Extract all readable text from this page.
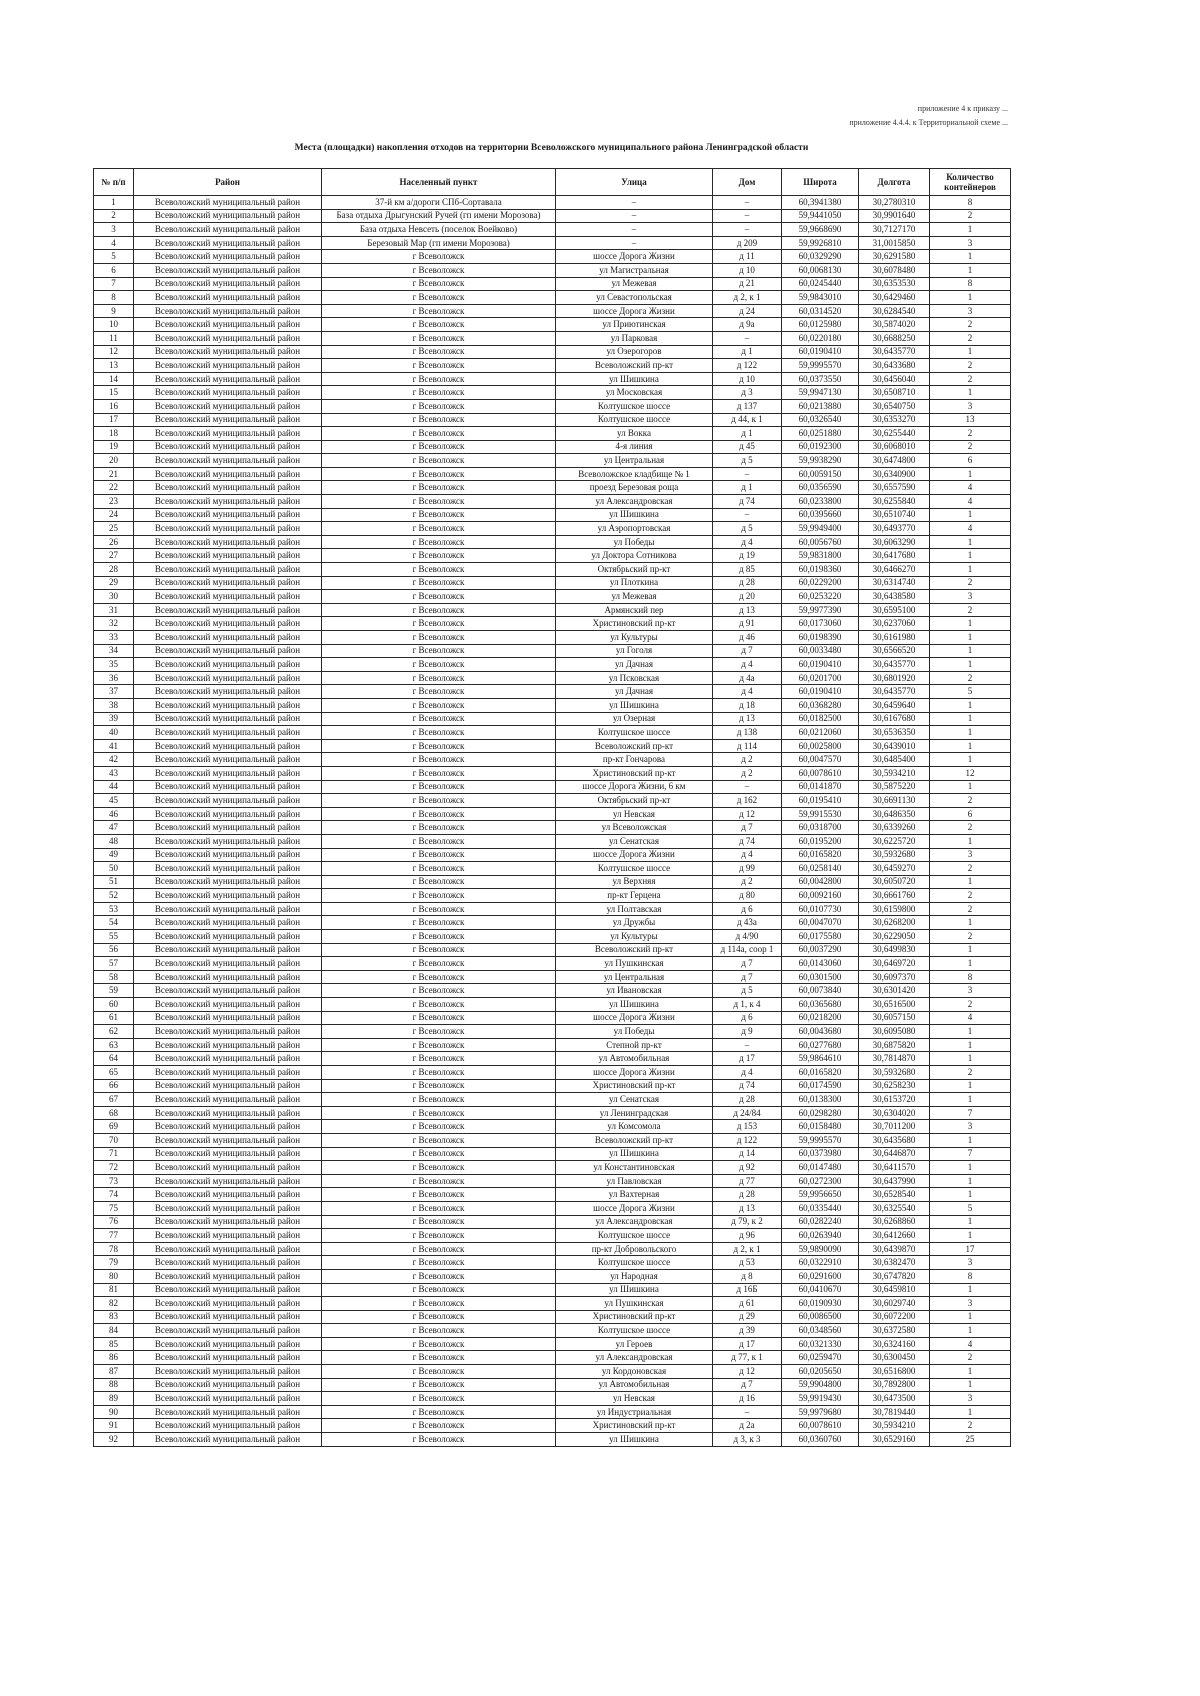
приложение 4 к приказу ...
приложение 4.4.4. к Территориальной схеме ...
Места (площадки) накопления отходов на территории Всеволожского муниципального района Ленинградской области
№ п/п	Район	Населенный пункт	Улица	Дом	Широта	Долгота	Количество контейнеров
1	Всеволожский муниципальный район	37-й км а/дороги СПб-Сортавала	–	–	60,3941380	30,2780310	8
2	Всеволожский муниципальный район	База отдыха Дрыгунский Ручей (гп имени Морозова)	–	–	59,9441050	30,9901640	2
3	Всеволожский муниципальный район	База отдыха Невсеть (поселок Воейково)	–	–	59,9668690	30,7127170	1
4	Всеволожский муниципальный район	Березовый Мар (гп имени Морозова)	–	д 209	59,9926810	31,0015850	3
5	Всеволожский муниципальный район	г Всеволожск	шоссе Дорога Жизни	д 11	60,0329290	30,6291580	1
6	Всеволожский муниципальный район	г Всеволожск	ул Магистральная	д 10	60,0068130	30,6078480	1
7	Всеволожский муниципальный район	г Всеволожск	ул Межевая	д 21	60,0245440	30,6353530	8
8	Всеволожский муниципальный район	г Всеволожск	ул Севастопольская	д 2, к 1	59,9843010	30,6429460	1
9	Всеволожский муниципальный район	г Всеволожск	шоссе Дорога Жизни	д 24	60,0314520	30,6284540	3
10	Всеволожский муниципальный район	г Всеволожск	ул Приютинская	д 9а	60,0125980	30,5874020	2
11	Всеволожский муниципальный район	г Всеволожск	ул Парковая	–	60,0220180	30,6688250	2
12	Всеволожский муниципальный район	г Всеволожск	ул Озерогоров	д 1	60,0190410	30,6435770	1
13	Всеволожский муниципальный район	г Всеволожск	Всеволожский пр-кт	д 122	59,9995570	30,6433680	2
14	Всеволожский муниципальный район	г Всеволожск	ул Шишкина	д 10	60,0373550	30,6456040	2
15	Всеволожский муниципальный район	г Всеволожск	ул Московская	д 3	59,9947130	30,6508710	1
16	Всеволожский муниципальный район	г Всеволожск	Колтушское шоссе	д 137	60,0213880	30,6540750	3
17	Всеволожский муниципальный район	г Всеволожск	Колтушское шоссе	д 44, к 1	60,0326540	30,6353270	13
18	Всеволожский муниципальный район	г Всеволожск	ул Вокка	д 1	60,0251880	30,6255440	2
19	Всеволожский муниципальный район	г Всеволожск	4-я линия	д 45	60,0192300	30,6068010	2
20	Всеволожский муниципальный район	г Всеволожск	ул Центральная	д 5	59,9938290	30,6474800	6
21	Всеволожский муниципальный район	г Всеволожск	Всеволожское кладбище № 1	–	60,0059150	30,6340900	1
22	Всеволожский муниципальный район	г Всеволожск	проезд Березовая роща	д 1	60,0356590	30,6557590	4
23	Всеволожский муниципальный район	г Всеволожск	ул Александровская	д 74	60,0233800	30,6255840	4
24	Всеволожский муниципальный район	г Всеволожск	ул Шишкина	–	60,0395660	30,6510740	1
25	Всеволожский муниципальный район	г Всеволожск	ул Аэропортовская	д 5	59,9949400	30,6493770	4
26	Всеволожский муниципальный район	г Всеволожск	ул Победы	д 4	60,0056760	30,6063290	1
27	Всеволожский муниципальный район	г Всеволожск	ул Доктора Сотникова	д 19	59,9831800	30,6417680	1
28	Всеволожский муниципальный район	г Всеволожск	Октябрьский пр-кт	д 85	60,0198360	30,6466270	1
29	Всеволожский муниципальный район	г Всеволожск	ул Плоткина	д 28	60,0229200	30,6314740	2
30	Всеволожский муниципальный район	г Всеволожск	ул Межевая	д 20	60,0253220	30,6438580	3
31	Всеволожский муниципальный район	г Всеволожск	Армянский пер	д 13	59,9977390	30,6595100	2
32	Всеволожский муниципальный район	г Всеволожск	Христиновский пр-кт	д 91	60,0173060	30,6237060	1
33	Всеволожский муниципальный район	г Всеволожск	ул Культуры	д 46	60,0198390	30,6161980	1
34	Всеволожский муниципальный район	г Всеволожск	ул Гоголя	д 7	60,0033480	30,6566520	1
35	Всеволожский муниципальный район	г Всеволожск	ул Дачная	д 4	60,0190410	30,6435770	1
36	Всеволожский муниципальный район	г Всеволожск	ул Псковская	д 4а	60,0201700	30,6801920	2
37	Всеволожский муниципальный район	г Всеволожск	ул Дачная	д 4	60,0190410	30,6435770	5
38	Всеволожский муниципальный район	г Всеволожск	ул Шишкина	д 18	60,0368280	30,6459640	1
39	Всеволожский муниципальный район	г Всеволожск	ул Озерная	д 13	60,0182500	30,6167680	1
40	Всеволожский муниципальный район	г Всеволожск	Колтушское шоссе	д 138	60,0212060	30,6536350	1
41	Всеволожский муниципальный район	г Всеволожск	Всеволожский пр-кт	д 114	60,0025800	30,6439010	1
42	Всеволожский муниципальный район	г Всеволожск	пр-кт Гончарова	д 2	60,0047570	30,6485400	1
43	Всеволожский муниципальный район	г Всеволожск	Христиновский пр-кт	д 2	60,0078610	30,5934210	12
44	Всеволожский муниципальный район	г Всеволожск	шоссе Дорога Жизни, 6 км	–	60,0141870	30,5875220	1
45	Всеволожский муниципальный район	г Всеволожск	Октябрьский пр-кт	д 162	60,0195410	30,6691130	2
46	Всеволожский муниципальный район	г Всеволожск	ул Невская	д 12	59,9915530	30,6486350	6
47	Всеволожский муниципальный район	г Всеволожск	ул Всеволожская	д 7	60,0318700	30,6339260	2
48	Всеволожский муниципальный район	г Всеволожск	ул Сенатская	д 74	60,0195200	30,6225720	1
49	Всеволожский муниципальный район	г Всеволожск	шоссе Дорога Жизни	д 4	60,0165820	30,5932680	3
50	Всеволожский муниципальный район	г Всеволожск	Колтушское шоссе	д 99	60,0258140	30,6459270	2
51	Всеволожский муниципальный район	г Всеволожск	ул Верхняя	д 2	60,0042800	30,6050720	1
52	Всеволожский муниципальный район	г Всеволожск	пр-кт Герцена	д 80	60,0092160	30,6661760	2
53	Всеволожский муниципальный район	г Всеволожск	ул Полтавская	д 6	60,0107730	30,6159800	2
54	Всеволожский муниципальный район	г Всеволожск	ул Дружбы	д 43а	60,0047070	30,6268200	1
55	Всеволожский муниципальный район	г Всеволожск	ул Культуры	д 4/90	60,0175580	30,6229050	2
56	Всеволожский муниципальный район	г Всеволожск	Всеволожский пр-кт	д 114а, соор 1	60,0037290	30,6499830	1
57	Всеволожский муниципальный район	г Всеволожск	ул Пушкинская	д 7	60,0143060	30,6469720	1
58	Всеволожский муниципальный район	г Всеволожск	ул Центральная	д 7	60,0301500	30,6097370	8
59	Всеволожский муниципальный район	г Всеволожск	ул Ивановская	д 5	60,0073840	30,6301420	3
60	Всеволожский муниципальный район	г Всеволожск	ул Шишкина	д 1, к 4	60,0365680	30,6516500	2
61	Всеволожский муниципальный район	г Всеволожск	шоссе Дорога Жизни	д 6	60,0218200	30,6057150	4
62	Всеволожский муниципальный район	г Всеволожск	ул Победы	д 9	60,0043680	30,6095080	1
63	Всеволожский муниципальный район	г Всеволожск	Степной пр-кт	–	60,0277680	30,6875820	1
64	Всеволожский муниципальный район	г Всеволожск	ул Автомобильная	д 17	59,9864610	30,7814870	1
65	Всеволожский муниципальный район	г Всеволожск	шоссе Дорога Жизни	д 4	60,0165820	30,5932680	2
66	Всеволожский муниципальный район	г Всеволожск	Христиновский пр-кт	д 74	60,0174590	30,6258230	1
67	Всеволожский муниципальный район	г Всеволожск	ул Сенатская	д 28	60,0138300	30,6153720	1
68	Всеволожский муниципальный район	г Всеволожск	ул Ленинградская	д 24/84	60,0298280	30,6304020	7
69	Всеволожский муниципальный район	г Всеволожск	ул Комсомола	д 153	60,0158480	30,7011200	3
70	Всеволожский муниципальный район	г Всеволожск	Всеволожский пр-кт	д 122	59,9995570	30,6435680	1
71	Всеволожский муниципальный район	г Всеволожск	ул Шишкина	д 14	60,0373980	30,6446870	7
72	Всеволожский муниципальный район	г Всеволожск	ул Константиновская	д 92	60,0147480	30,6411570	1
73	Всеволожский муниципальный район	г Всеволожск	ул Павловская	д 77	60,0272300	30,6437990	1
74	Всеволожский муниципальный район	г Всеволожск	ул Вахтерная	д 28	59,9956650	30,6528540	1
75	Всеволожский муниципальный район	г Всеволожск	шоссе Дорога Жизни	д 13	60,0335440	30,6325540	5
76	Всеволожский муниципальный район	г Всеволожск	ул Александровская	д 79, к 2	60,0282240	30,6268860	1
77	Всеволожский муниципальный район	г Всеволожск	Колтушское шоссе	д 96	60,0263940	30,6412660	1
78	Всеволожский муниципальный район	г Всеволожск	пр-кт Добровольского	д 2, к 1	59,9890090	30,6439870	17
79	Всеволожский муниципальный район	г Всеволожск	Колтушское шоссе	д 53	60,0322910	30,6382470	3
80	Всеволожский муниципальный район	г Всеволожск	ул Народная	д 8	60,0291600	30,6747820	8
81	Всеволожский муниципальный район	г Всеволожск	ул Шишкина	д 16Б	60,0410670	30,6459810	1
82	Всеволожский муниципальный район	г Всеволожск	ул Пушкинская	д 61	60,0190930	30,6029740	3
83	Всеволожский муниципальный район	г Всеволожск	Христиновский пр-кт	д 29	60,0086500	30,6072200	1
84	Всеволожский муниципальный район	г Всеволожск	Колтушское шоссе	д 39	60,0348560	30,6372580	1
85	Всеволожский муниципальный район	г Всеволожск	ул Героев	д 17	60,0321330	30,6324160	4
86	Всеволожский муниципальный район	г Всеволожск	ул Александровская	д 77, к 1	60,0259470	30,6300450	2
87	Всеволожский муниципальный район	г Всеволожск	ул Кордоновская	д 12	60,0205650	30,6516800	1
88	Всеволожский муниципальный район	г Всеволожск	ул Автомобильная	д 7	59,9904800	30,7892800	1
89	Всеволожский муниципальный район	г Всеволожск	ул Невская	д 16	59,9919430	30,6473500	3
90	Всеволожский муниципальный район	г Всеволожск	ул Индустриальная	–	59,9979680	30,7819440	1
91	Всеволожский муниципальный район	г Всеволожск	Христиновский пр-кт	д 2а	60,0078610	30,5934210	2
92	Всеволожский муниципальный район	г Всеволожск	ул Шишкина	д 3, к 3	60,0360760	30,6529160	25
